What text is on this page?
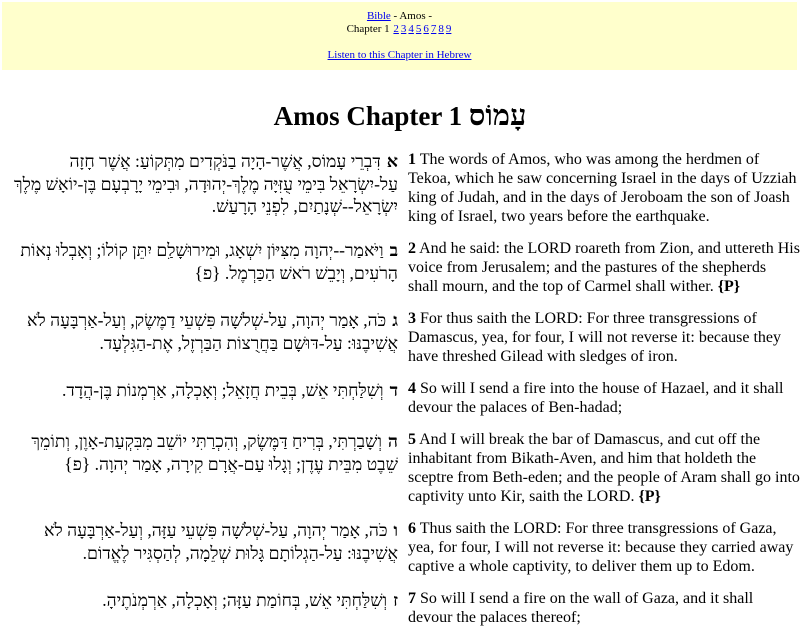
Bible - Amos -
Chapter 1 2 3 4 5 6 7 8 9
Listen to this Chapter in Hebrew
Amos Chapter 1 עָמוֹס
אדִּבְרֵי עָמוֹס, אֲשֶׁר-הָיָה בַנֹּקְדִים מִתְּקוֹעַ: אֲשֶׁר חָזָה עַל-יִשְׂרָאֵל בִּימֵי עֻזִּיָּה מֶלֶךְ-יְהוּדָה, וּבִימֵי יָרָבְעָם בֶּן-יוֹאָשׁ מֶלֶךְ יִשְׂרָאֵל--שְׁנָתַיִם, לִפְנֵי הָרָעַשׁ.	1 The words of Amos, who was among the herdmen of Tekoa, which he saw concerning Israel in the days of Uzziah king of Judah, and in the days of Jeroboam the son of Joash king of Israel, two years before the earthquake.
בוַיֹּאמַר--יְהוָה מִצִּיּוֹן יִשְׁאָג, וּמִירוּשָׁלִַם יִתֵּן קוֹלוֹ; וְאָבְלוּ נְאוֹת הָרֹעִים, וְיָבֵשׁ רֹאשׁ הַכַּרְמֶל. {פ}	2 And he said: the LORD roareth from Zion, and uttereth His voice from Jerusalem; and the pastures of the shepherds shall mourn, and the top of Carmel shall wither. {P}
גכֹּה, אָמַר יְהוָה, עַל-שְׁלֹשָׁה פִּשְׁעֵי דַמֶּשֶׂק, וְעַל-אַרְבָּעָה לֹא אֲשִׁיבֶנּוּ: עַל-דּוּשָׁם בַּחֲרֻצוֹת הַבַּרְזֶל, אֶת-הַגִּלְעָד.	3 For thus saith the LORD: For three transgressions of Damascus, yea, for four, I will not reverse it: because they have threshed Gilead with sledges of iron.
דוְשִׁלַּחְתִּי אֵשׁ, בְּבֵית חֲזָאֵל; וְאָכְלָה, אַרְמְנוֹת בֶּן-הֲדָד.	4 So will I send a fire into the house of Hazael, and it shall devour the palaces of Ben-hadad;
הוְשָׁבַרְתִּי, בְּרִיחַ דַּמֶּשֶׂק, וְהִכְרַתִּי יוֹשֵׁב מִבִּקְעַת-אָוֶן, וְתוֹמֵךְ שֵׁבֶט מִבֵּית עֶדֶן; וְגָלוּ עַם-אֲרָם קִירָה, אָמַר יְהוָה. {פ}	5 And I will break the bar of Damascus, and cut off the inhabitant from Bikath-Aven, and him that holdeth the sceptre from Beth-eden; and the people of Aram shall go into captivity unto Kir, saith the LORD. {P}
וכֹּה, אָמַר יְהוָה, עַל-שְׁלֹשָׁה פִּשְׁעֵי עַזָּה, וְעַל-אַרְבָּעָה לֹא אֲשִׁיבֶנּוּ: עַל-הַגְלוֹתָם גָּלוּת שְׁלֵמָה, לְהַסְגִּיר לֶאֱדוֹם.	6 Thus saith the LORD: For three transgressions of Gaza, yea, for four, I will not reverse it: because they carried away captive a whole captivity, to deliver them up to Edom.
זוְשִׁלַּחְתִּי אֵשׁ, בְּחוֹמַת עַזָּה; וְאָכְלָה, אַרְמְנֹתֶיהָ.	7 So will I send a fire on the wall of Gaza, and it shall devour the palaces thereof;
